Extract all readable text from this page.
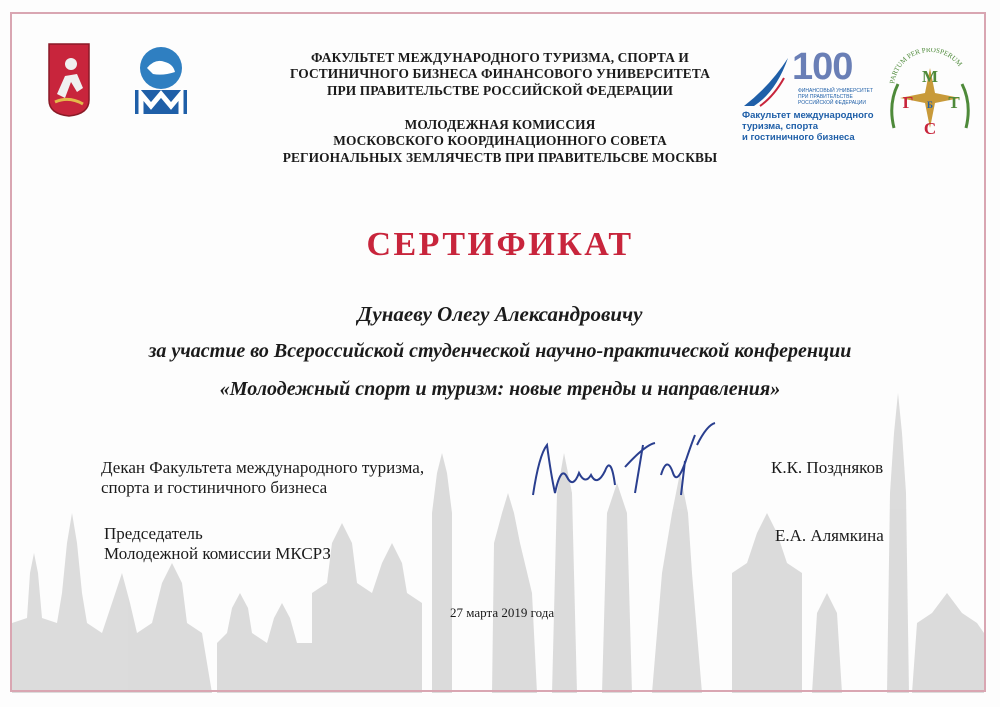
ФАКУЛЬТЕТ МЕЖДУНАРОДНОГО ТУРИЗМА, СПОРТА И
ГОСТИНИЧНОГО БИЗНЕСА ФИНАНСОВОГО УНИВЕРСИТЕТА
ПРИ ПРАВИТЕЛЬСТВЕ РОССИЙСКОЙ ФЕДЕРАЦИИ
МОЛОДЕЖНАЯ КОМИССИЯ
МОСКОВСКОГО КООРДИНАЦИОННОГО СОВЕТА
РЕГИОНАЛЬНЫХ ЗЕМЛЯЧЕСТВ ПРИ ПРАВИТЕЛЬСВЕ МОСКВЫ
100
ФИНАНСОВЫЙ УНИВЕРСИТЕТ
ПРИ ПРАВИТЕЛЬСТВЕ
РОССИЙСКОЙ ФЕДЕРАЦИИ
Факультет международного
туризма, спорта
и гостиничного бизнеса
PARTUM PER PROSPERUM
М
Г Т
С
Б
СЕРТИФИКАТ
Дунаеву Олегу Александровичу
за участие во Всероссийской студенческой научно-практической конференции
«Молодежный спорт и туризм: новые тренды и направления»
Декан Факультета международного туризма,
спорта и гостиничного бизнеса
К.К. Поздняков
Председатель
Молодежной комиссии МКСРЗ
Е.А. Алямкина
27 марта 2019 года
